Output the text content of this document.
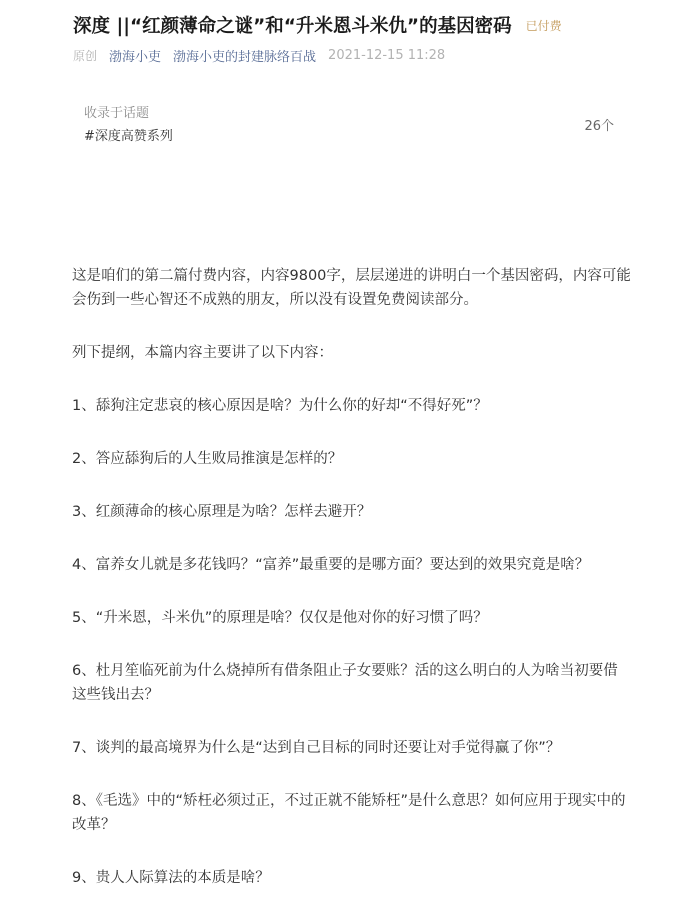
深度 ||“红颜薄命之谜”和“升米恩斗米仇”的基因密码 已付费
原创 渤海小吏 渤海小吏的封建脉络百战 2021-12-15 11:28
收录于话题
#深度高赞系列
26个

这是咱们的第二篇付费内容，内容9800字，层层递进的讲明白一个基因密码，内容可能会伤到一些心智还不成熟的朋友，所以没有设置免费阅读部分。

列下提纲，本篇内容主要讲了以下内容：

1、舔狗注定悲哀的核心原因是啥？为什么你的好却“不得好死”？

2、答应舔狗后的人生败局推演是怎样的？

3、红颜薄命的核心原理是为啥？怎样去避开？

4、富养女儿就是多花钱吗？“富养”最重要的是哪方面？要达到的效果究竟是啥？

5、“升米恩，斗米仇”的原理是啥？仅仅是他对你的好习惯了吗？

6、杜月笙临死前为什么烧掉所有借条阻止子女要账？活的这么明白的人为啥当初要借这些钱出去？

7、谈判的最高境界为什么是“达到自己目标的同时还要让对手觉得赢了你”？

8、《毛选》中的“矫枉必须过正，不过正就不能矫枉”是什么意思？如何应用于现实中的改革？

9、贵人人际算法的本质是啥？
